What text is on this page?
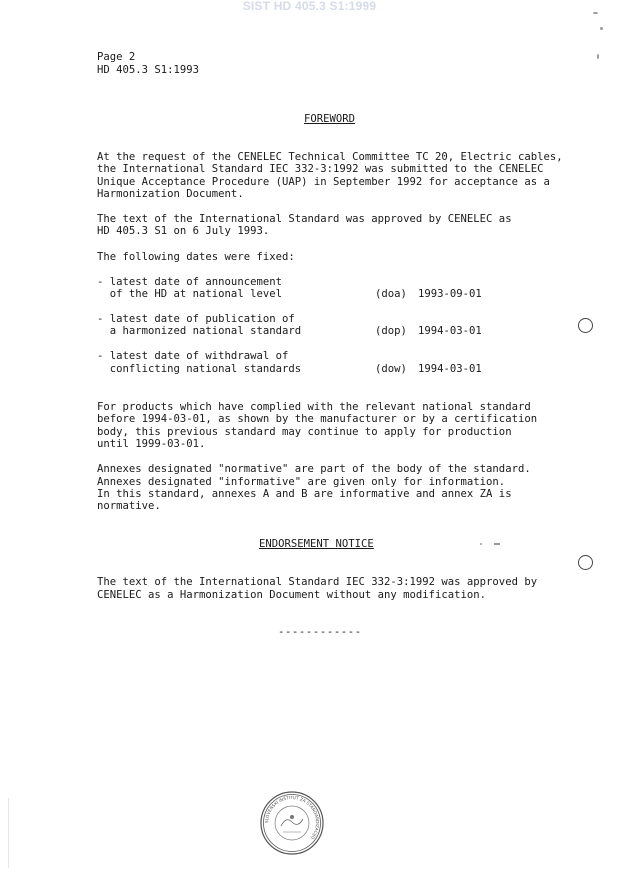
SIST HD 405.3 S1:1999
Page 2
HD 405.3 S1:1993
FOREWORD
At the request of the CENELEC Technical Committee TC 20, Electric cables,
the International Standard IEC 332-3:1992 was submitted to the CENELEC
Unique Acceptance Procedure (UAP) in September 1992 for acceptance as a
Harmonization Document.
The text of the International Standard was approved by CENELEC as
HD 405.3 S1 on 6 July 1993.
The following dates were fixed:
- latest date of announcement
of the HD at national level	(doa) 1993-09-01
- latest date of publication of
a harmonized national standard	(dop) 1994-03-01
- latest date of withdrawal of
conflicting national standards	(dow) 1994-03-01
For products which have complied with the relevant national standard
before 1994-03-01, as shown by the manufacturer or by a certification
body, this previous standard may continue to apply for production
until 1999-03-01.
Annexes designated "normative" are part of the body of the standard.
Annexes designated "informative" are given only for information.
In this standard, annexes A and B are informative and annex ZA is
normative.
ENDORSEMENT NOTICE
The text of the International Standard IEC 332-3:1992 was approved by
CENELEC as a Harmonization Document without any modification.
------------
SLOVENSKI INŠTITUT ZA STANDARDIZACIJO
